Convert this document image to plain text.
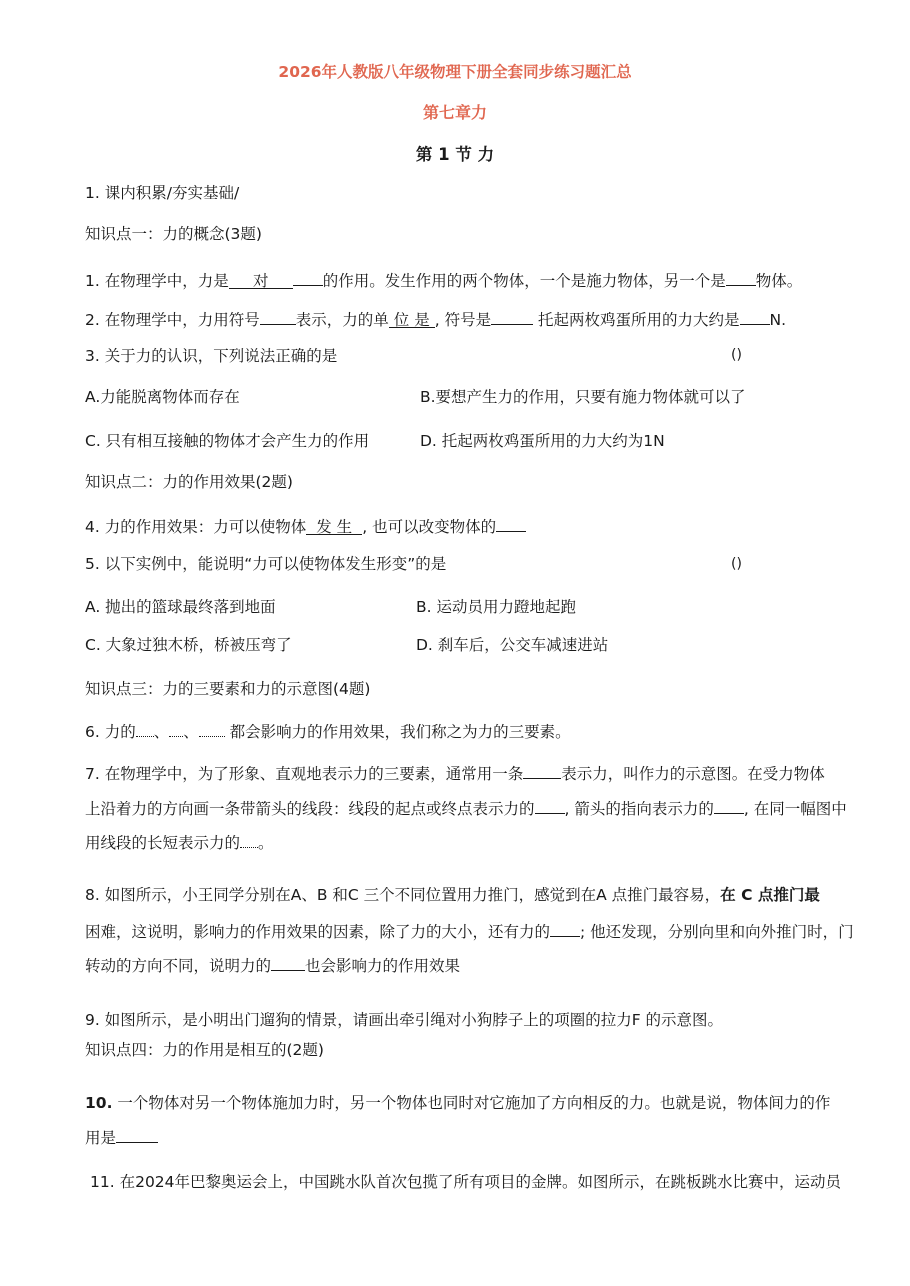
2026年人教版八年级物理下册全套同步练习题汇总
第七章力
第 1 节 力
1. 课内积累/夯实基础/
知识点一：力的概念(3题)
1. 在物理学中，力是 对	的作用。发生作用的两个物体，一个是施力物体，另一个是 物体。
2. 在物理学中，力用符号 表示，力的单 位 是 , 符号是	托起两枚鸡蛋所用的力大约是 N.
3. 关于力的认识，下列说法正确的是	()
A.力能脱离物体而存在	B.要想产生力的作用，只要有施力物体就可以了
C. 只有相互接触的物体才会产生力的作用	D. 托起两枚鸡蛋所用的力大约为1N
知识点二：力的作用效果(2题)
4. 力的作用效果：力可以使物体 发 生 , 也可以改变物体的
5. 以下实例中，能说明“力可以使物体发生形变”的是	()
A. 抛出的篮球最终落到地面	B. 运动员用力蹬地起跑
C. 大象过独木桥，桥被压弯了	D. 刹车后，公交车减速进站
知识点三：力的三要素和力的示意图(4题)
6. 力的 、 、 都会影响力的作用效果，我们称之为力的三要素。
7. 在物理学中，为了形象、直观地表示力的三要素，通常用一条 表示力，叫作力的示意图。在受力物体
上沿着力的方向画一条带箭头的线段：线段的起点或终点表示力的 , 箭头的指向表示力的 , 在同一幅图中
用线段的长短表示力的 。
8. 如图所示，小王同学分别在A、B 和C 三个不同位置用力推门，感觉到在A 点推门最容易，在 C 点推门最
困难，这说明，影响力的作用效果的因素，除了力的大小，还有力的 ; 他还发现，分别向里和向外推门时，门
转动的方向不同，说明力的 也会影响力的作用效果
9. 如图所示，是小明出门遛狗的情景，请画出牵引绳对小狗脖子上的项圈的拉力F 的示意图。
知识点四：力的作用是相互的(2题)
10. 一个物体对另一个物体施加力时，另一个物体也同时对它施加了方向相反的力。也就是说，物体间力的作
用是
11. 在2024年巴黎奥运会上，中国跳水队首次包揽了所有项目的金牌。如图所示，在跳板跳水比赛中，运动员
